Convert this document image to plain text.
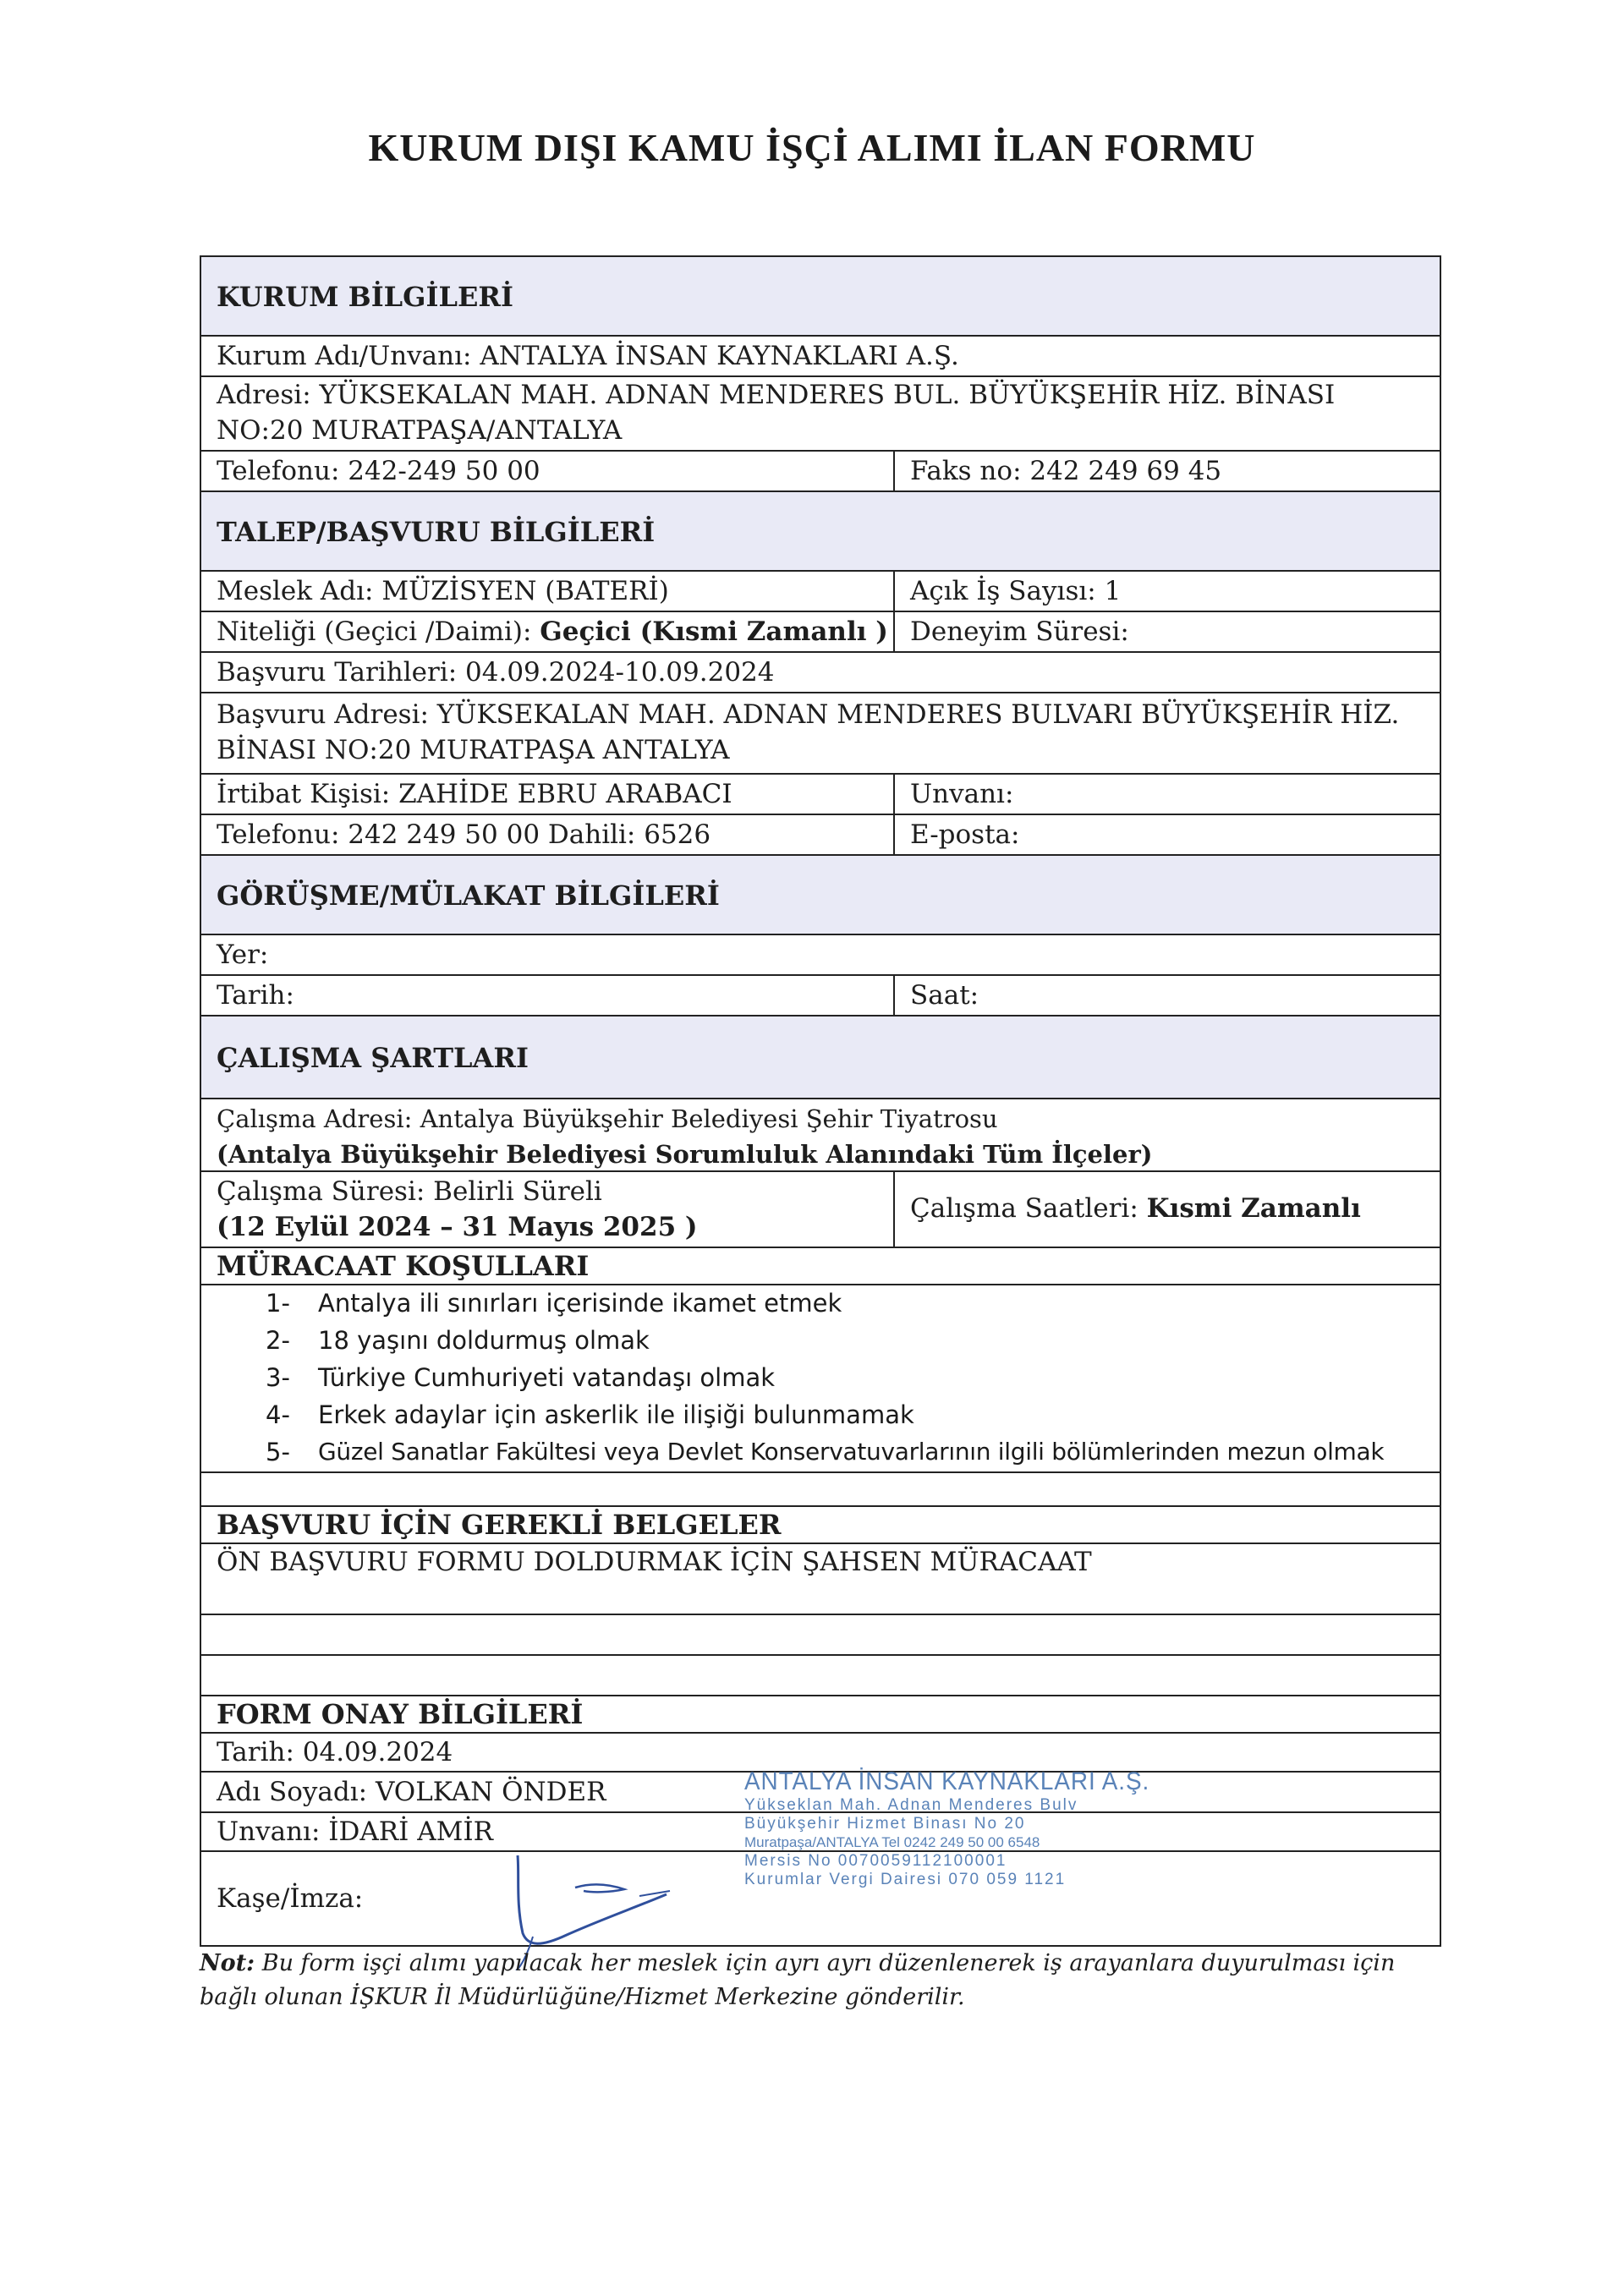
KURUM DIŞI KAMU İŞÇİ ALIMI İLAN FORMU
KURUM BİLGİLERİ
Kurum Adı/Unvanı: ANTALYA İNSAN KAYNAKLARI A.Ş.
Adresi: YÜKSEKALAN MAH. ADNAN MENDERES BUL. BÜYÜKŞEHİR HİZ. BİNASI
NO:20 MURATPAŞA/ANTALYA
Telefonu: 242-249 50 00	Faks no: 242 249 69 45
TALEP/BAŞVURU BİLGİLERİ
Meslek Adı: MÜZİSYEN (BATERİ)	Açık İş Sayısı: 1
Niteliği (Geçici /Daimi): Geçici (Kısmi Zamanlı ) Deneyim Süresi:
Başvuru Tarihleri: 04.09.2024-10.09.2024
Başvuru Adresi: YÜKSEKALAN MAH. ADNAN MENDERES BULVARI BÜYÜKŞEHİR HİZ.
BİNASI NO:20 MURATPAŞA ANTALYA
İrtibat Kişisi: ZAHİDE EBRU ARABACI	Unvanı:
Telefonu: 242 249 50 00 Dahili: 6526	E-posta:
GÖRÜŞME/MÜLAKAT BİLGİLERİ
Yer:
Tarih:	Saat:
ÇALIŞMA ŞARTLARI
Çalışma Adresi: Antalya Büyükşehir Belediyesi Şehir Tiyatrosu
(Antalya Büyükşehir Belediyesi Sorumluluk Alanındaki Tüm İlçeler)
Çalışma Süresi: Belirli Süreli
(12 Eylül 2024 – 31 Mayıs 2025 )
Çalışma Saatleri: Kısmi Zamanlı
MÜRACAAT KOŞULLARI
1- Antalya ili sınırları içerisinde ikamet etmek
2- 18 yaşını doldurmuş olmak
3- Türkiye Cumhuriyeti vatandaşı olmak
4- Erkek adaylar için askerlik ile ilişiği bulunmamak
5- Güzel Sanatlar Fakültesi veya Devlet Konservatuvarlarının ilgili bölümlerinden mezun olmak
BAŞVURU İÇİN GEREKLİ BELGELER
ÖN BAŞVURU FORMU DOLDURMAK İÇİN ŞAHSEN MÜRACAAT
FORM ONAY BİLGİLERİ
Tarih: 04.09.2024
Adı Soyadı: VOLKAN ÖNDER
Unvanı: İDARİ AMİR
Kaşe/İmza:
ANTALYA İNSAN KAYNAKLARI A.Ş.
Yükseklan Mah. Adnan Menderes Bulv
Büyükşehir Hizmet Binası No 20
Muratpaşa/ANTALYA Tel 0242 249 50 00 6548
Mersis No 0070059112100001
Kurumlar Vergi Dairesi 070 059 1121
Not: Bu form işçi alımı yapılacak her meslek için ayrı ayrı düzenlenerek iş arayanlara duyurulması için bağlı olunan İŞKUR İl Müdürlüğüne/Hizmet Merkezine gönderilir.
